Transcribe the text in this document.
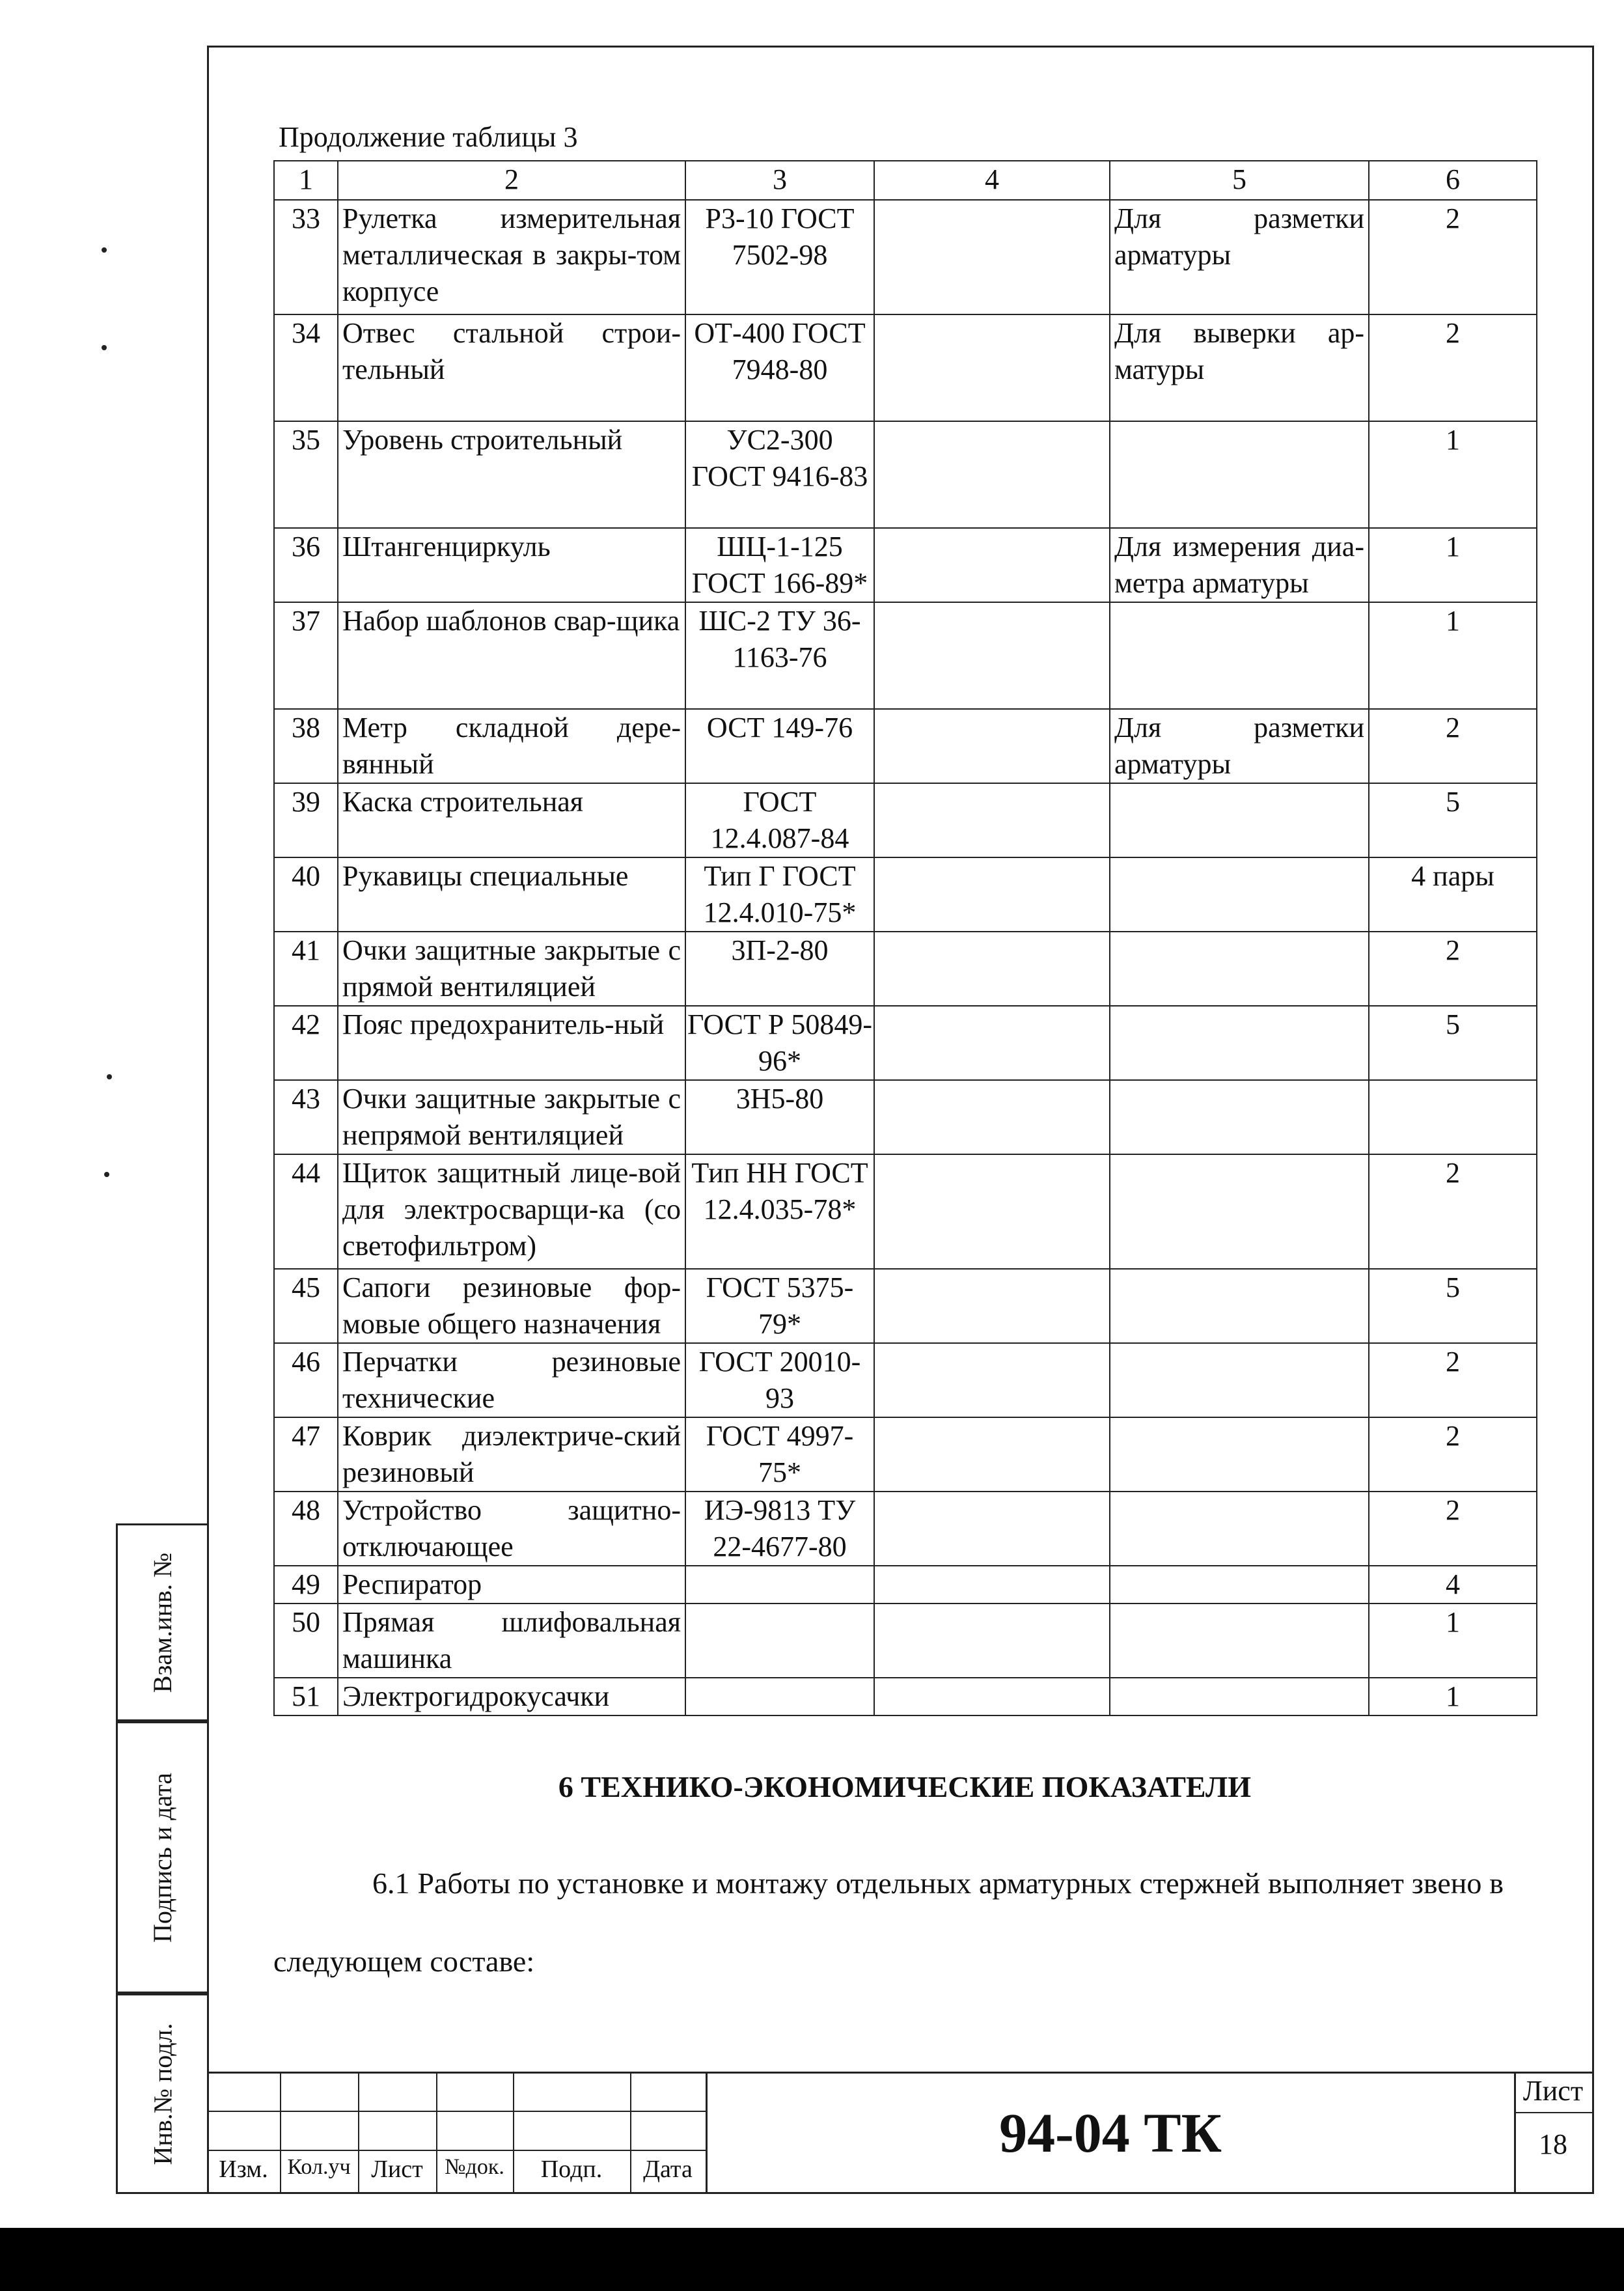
Взам.инв. №
Подпись и дата
Инв.№ подл.
Продолжение таблицы 3
1	2	3	4	5	6
33	Рулетка измерительная металлическая в закры-том корпусе	Р3-10 ГОСТ 7502-98		Для разметки арматуры	2
34	Отвес стальной строи-тельный	ОТ-400 ГОСТ 7948-80		Для выверки ар-матуры	2
35	Уровень строительный	УС2-300 ГОСТ 9416-83			1
36	Штангенциркуль	ШЦ-1-125 ГОСТ 166-89*		Для измерения диа-метра арматуры	1
37	Набор шаблонов свар-щика	ШС-2 ТУ 36-1163-76			1
38	Метр складной дере-вянный	ОСТ 149-76		Для разметки арматуры	2
39	Каска строительная	ГОСТ 12.4.087-84			5
40	Рукавицы специальные	Тип Г ГОСТ 12.4.010-75*			4 пары
41	Очки защитные закрытые с прямой вентиляцией	3П-2-80			2
42	Пояс предохранитель-ный	ГОСТ Р 50849-96*			5
43	Очки защитные закрытые с непрямой вентиляцией	3Н5-80			
44	Щиток защитный лице-вой для электросварщи-ка (со светофильтром)	Тип НН ГОСТ 12.4.035-78*			2
45	Сапоги резиновые фор-мовые общего назначения	ГОСТ 5375-79*			5
46	Перчатки резиновые технические	ГОСТ 20010-93			2
47	Коврик диэлектриче-ский резиновый	ГОСТ 4997-75*			2
48	Устройство защитно-отключающее	ИЭ-9813 ТУ 22-4677-80			2
49	Респиратор				4
50	Прямая шлифовальная машинка				1
51	Электрогидрокусачки				1
6 ТЕХНИКО-ЭКОНОМИЧЕСКИЕ ПОКАЗАТЕЛИ
6.1 Работы по установке и монтажу отдельных арматурных стержней выполняет звено в следующем составе:
Изм. Кол.уч Лист №док.	Подп.	Дата
94-04 ТК
Лист
18
